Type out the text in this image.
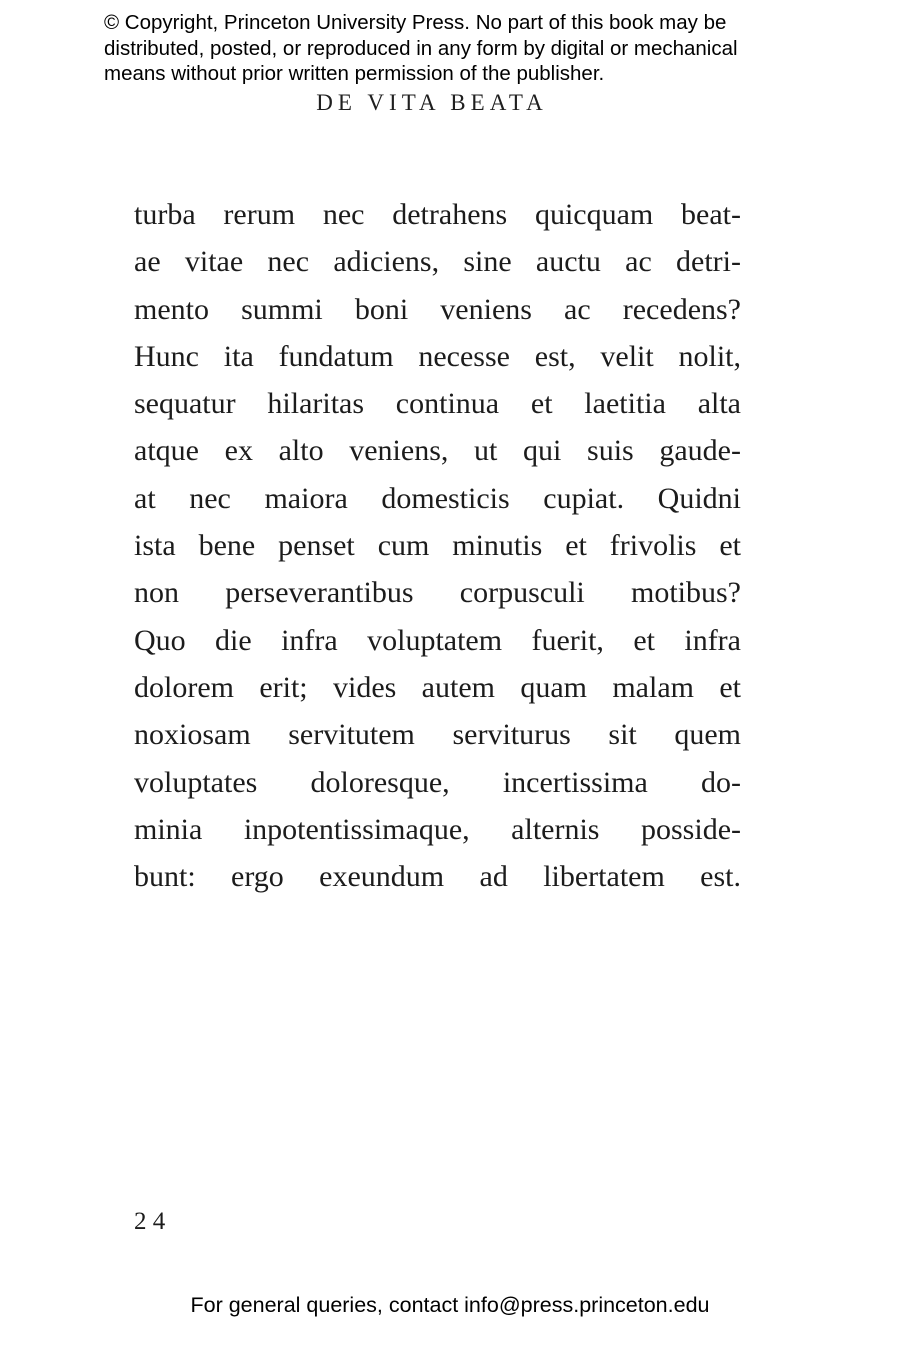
© Copyright, Princeton University Press. No part of this book may be
distributed, posted, or reproduced in any form by digital or mechanical
means without prior written permission of the publisher.
DE VITA BEATA
turba rerum nec detrahens quicquam beat-
ae vitae nec adiciens, sine auctu ac detri-
mento summi boni veniens ac recedens?
Hunc ita fundatum necesse est, velit nolit,
sequatur hilaritas continua et laetitia alta
atque ex alto veniens, ut qui suis gaude-
at nec maiora domesticis cupiat. Quidni
ista bene penset cum minutis et frivolis et
non perseverantibus corpusculi motibus?
Quo die infra voluptatem fuerit, et infra
dolorem erit; vides autem quam malam et
noxiosam servitutem serviturus sit quem
voluptates doloresque, incertissima do-
minia inpotentissimaque, alternis posside-
bunt: ergo exeundum ad libertatem est.
24
For general queries, contact info@press.princeton.edu
